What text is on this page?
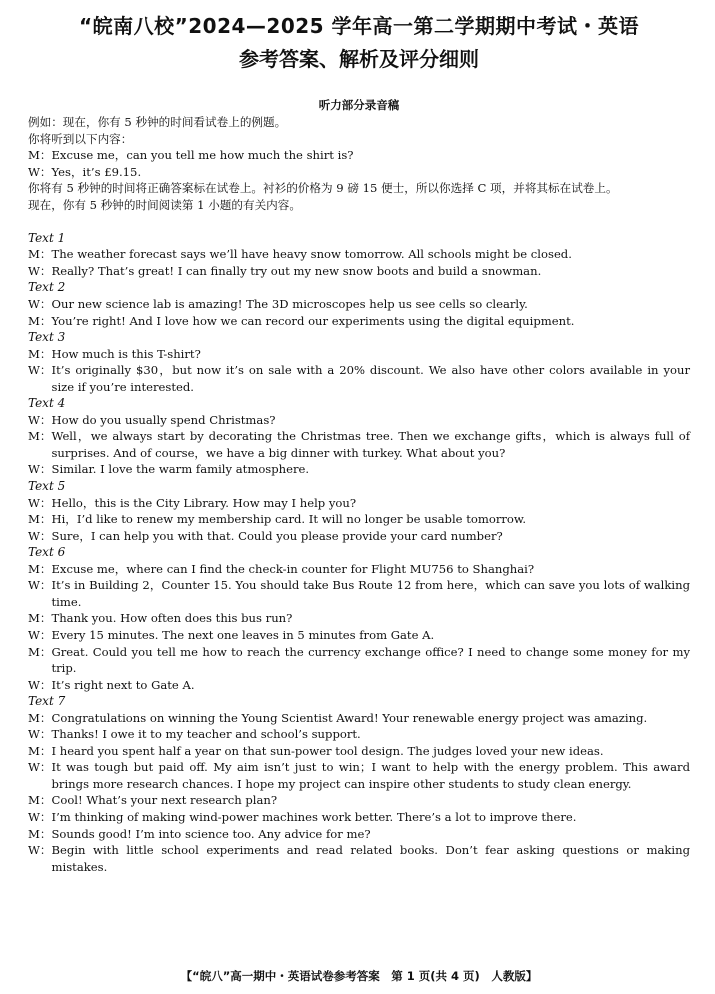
“皖南八校”2024—2025 学年高一第二学期期中考试・英语
参考答案、解析及评分细则
听力部分录音稿
例如：现在，你有 5 秒钟的时间看试卷上的例题。
你将听到以下内容：
M：Excuse me，can you tell me how much the shirt is?
W：Yes，it’s £9.15.
你将有 5 秒钟的时间将正确答案标在试卷上。衬衫的价格为 9 磅 15 便士，所以你选择 C 项，并将其标在试卷上。
现在，你有 5 秒钟的时间阅读第 1 小题的有关内容。
Text 1
M： The weather forecast says we’ll have heavy snow tomorrow. All schools might be closed.
W： Really? That’s great! I can finally try out my new snow boots and build a snowman.
Text 2
W： Our new science lab is amazing! The 3D microscopes help us see cells so clearly.
M： You’re right! And I love how we can record our experiments using the digital equipment.
Text 3
M： How much is this T-shirt?
W： It’s originally $30，but now it’s on sale with a 20% discount. We also have other colors available in your size if you’re interested.
Text 4
W： How do you usually spend Christmas?
M： Well，we always start by decorating the Christmas tree. Then we exchange gifts，which is always full of surprises. And of course，we have a big dinner with turkey. What about you?
W： Similar. I love the warm family atmosphere.
Text 5
W： Hello，this is the City Library. How may I help you?
M： Hi，I’d like to renew my membership card. It will no longer be usable tomorrow.
W： Sure，I can help you with that. Could you please provide your card number?
Text 6
M： Excuse me，where can I find the check-in counter for Flight MU756 to Shanghai?
W： It’s in Building 2，Counter 15. You should take Bus Route 12 from here，which can save you lots of walking time.
M： Thank you. How often does this bus run?
W： Every 15 minutes. The next one leaves in 5 minutes from Gate A.
M： Great. Could you tell me how to reach the currency exchange office? I need to change some money for my trip.
W： It’s right next to Gate A.
Text 7
M： Congratulations on winning the Young Scientist Award! Your renewable energy project was amazing.
W： Thanks! I owe it to my teacher and school’s support.
M： I heard you spent half a year on that sun-power tool design. The judges loved your new ideas.
W： It was tough but paid off. My aim isn’t just to win；I want to help with the energy problem. This award brings more research chances. I hope my project can inspire other students to study clean energy.
M： Cool! What’s your next research plan?
W： I’m thinking of making wind-power machines work better. There’s a lot to improve there.
M： Sounds good! I’m into science too. Any advice for me?
W： Begin with little school experiments and read related books. Don’t fear asking questions or making mistakes.
【“皖八”高一期中・英语试卷参考答案　第 1 页(共 4 页)　人教版】
